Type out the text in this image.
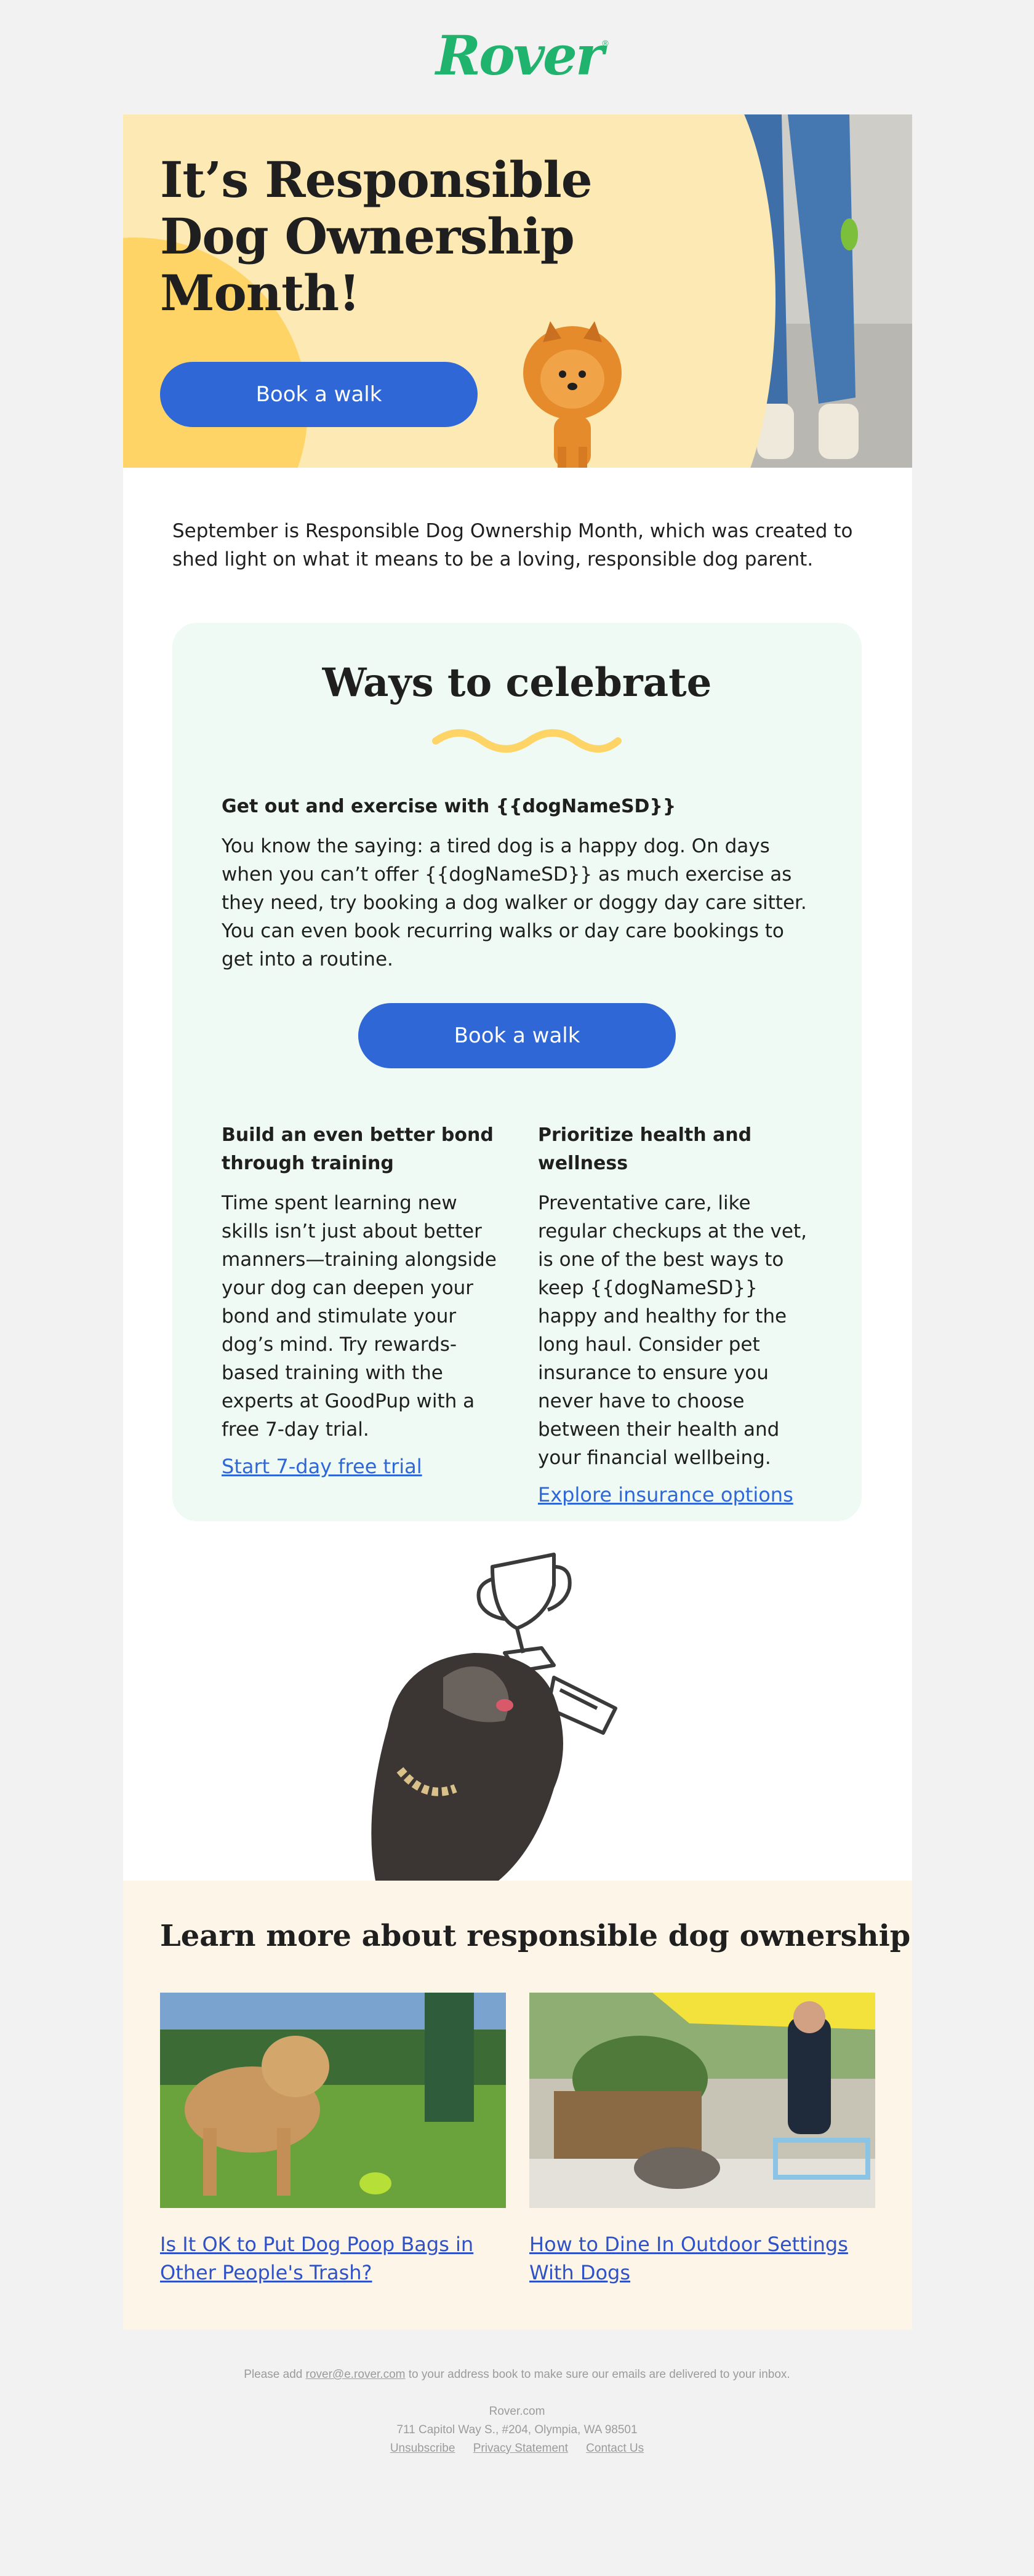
Rover ®
It’s Responsible Dog Ownership Month!
Book a walk
September is Responsible Dog Ownership Month, which was created to shed light on what it means to be a loving, responsible dog parent.
Ways to celebrate
Get out and exercise with {{dogNameSD}}
You know the saying: a tired dog is a happy dog. On days when you can’t offer {{dogNameSD}} as much exercise as they need, try booking a dog walker or doggy day care sitter. You can even book recurring walks or day care bookings to get into a routine.
Book a walk
Build an even better bond through training
Time spent learning new skills isn’t just about better manners—training alongside your dog can deepen your bond and stimulate your dog’s mind. Try rewards-based training with the experts at GoodPup with a free 7-day trial.
Start 7-day free trial
Prioritize health and wellness
Preventative care, like regular checkups at the vet, is one of the best ways to keep {{dogNameSD}} happy and healthy for the long haul. Consider pet insurance to ensure you never have to choose between their health and your financial wellbeing.
Explore insurance options
Learn more about responsible dog ownership
Is It OK to Put Dog Poop Bags in Other People's Trash?
How to Dine In Outdoor Settings With Dogs
Please add rover@e.rover.com to your address book to make sure our emails are delivered to your inbox.
Rover.com
711 Capitol Way S., #204, Olympia, WA 98501
Unsubscribe Privacy Statement Contact Us
